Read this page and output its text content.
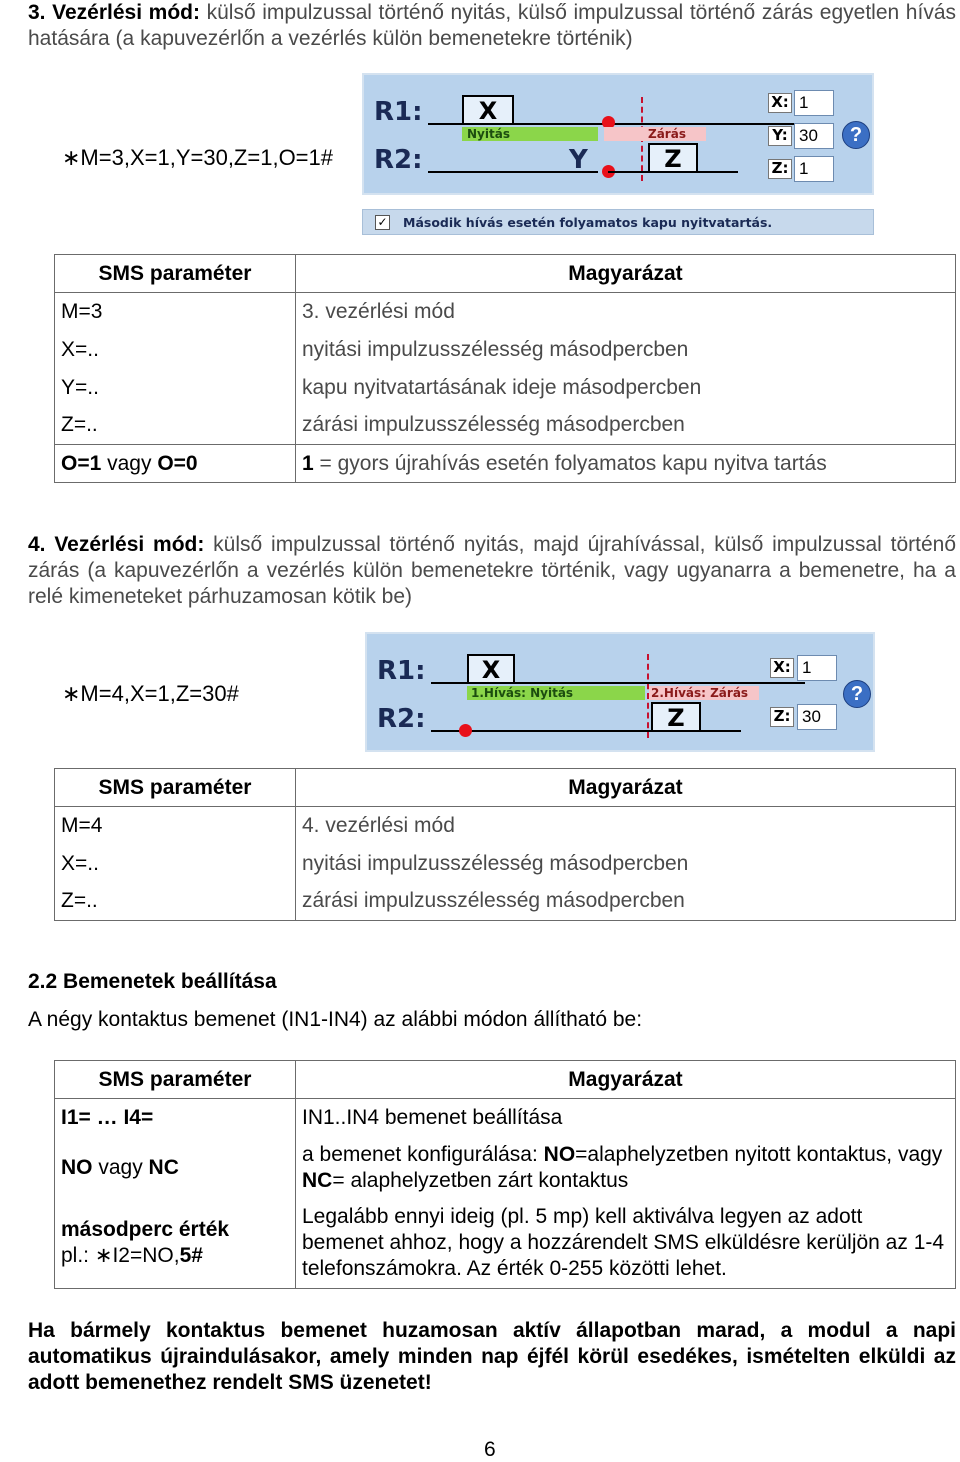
3. Vezérlési mód: külső impulzussal történő nyitás, külső impulzussal történő zárás egyetlen hívás hatására (a kapuvezérlőn a vezérlés külön bemenetekre történik)
∗M=3,X=1,Y=30,Z=1,O=1#
R1:
R2:
X
Nyitás	Zárás
Y	Z
X: 1
Y: 30
Z: 1
?
✓ Második hívás esetén folyamatos kapu nyitvatartás.
SMS paraméter	Magyarázat
M=3	3. vezérlési mód
X=..	nyitási impulzusszélesség másodpercben
Y=..	kapu nyitvatartásának ideje másodpercben
Z=..	zárási impulzusszélesség másodpercben
O=1 vagy O=0	1 = gyors újrahívás esetén folyamatos kapu nyitva tartás
4. Vezérlési mód: külső impulzussal történő nyitás, majd újrahívással, külső impulzussal történő zárás (a kapuvezérlőn a vezérlés külön bemenetekre történik, vagy ugyanarra a bemenetre, ha a relé kimeneteket párhuzamosan kötik be)
∗M=4,X=1,Z=30#
R1:
R2:
X
1.Hívás: Nyitás	2.Hívás: Zárás
Z
X: 1
Z: 30
?
SMS paraméter	Magyarázat
M=4	4. vezérlési mód
X=..	nyitási impulzusszélesség másodpercben
Z=..	zárási impulzusszélesség másodpercben
2.2 Bemenetek beállítása
A négy kontaktus bemenet (IN1-IN4) az alábbi módon állítható be:
SMS paraméter	Magyarázat
I1= … I4=	IN1..IN4 bemenet beállítása
NO vagy NC	a bemenet konfigurálása: NO=alaphelyzetben nyitott kontaktus, vagy NC= alaphelyzetben zárt kontaktus
másodperc érték
pl.: ∗I2=NO,5#	Legalább ennyi ideig (pl. 5 mp) kell aktiválva legyen az adott bemenet ahhoz, hogy a hozzárendelt SMS elküldésre kerüljön az 1-4 telefonszámokra. Az érték 0-255 közötti lehet.
Ha bármely kontaktus bemenet huzamosan aktív állapotban marad, a modul a napi automatikus újraindulásakor, amely minden nap éjfél körül esedékes, ismételten elküldi az adott bemenethez rendelt SMS üzenetet!
6
